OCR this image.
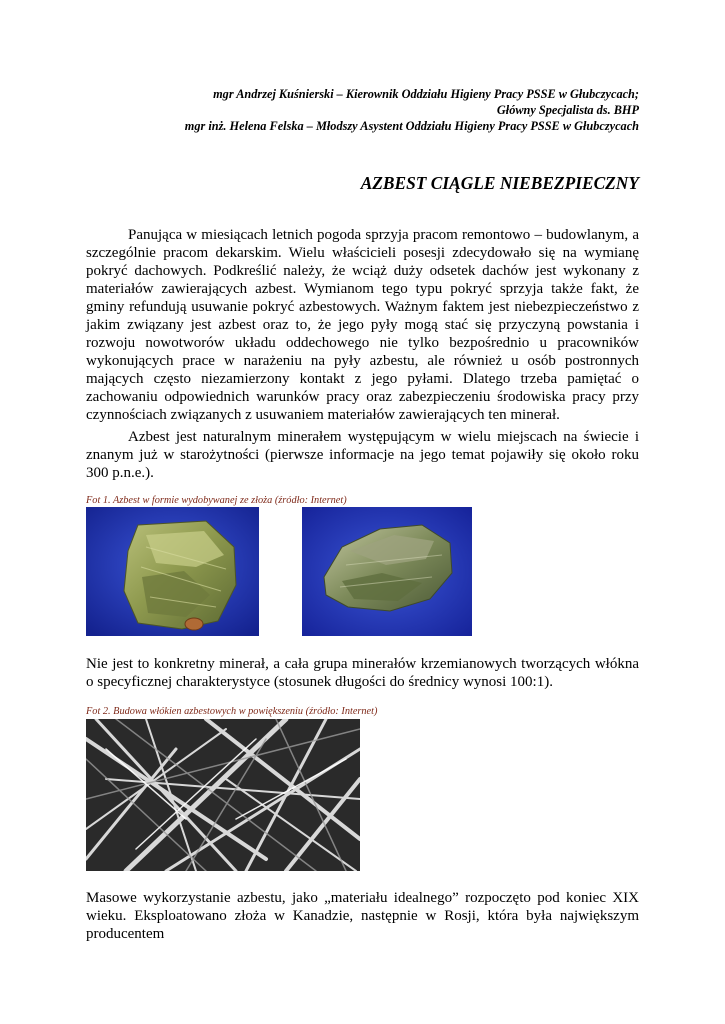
mgr Andrzej Kuśnierski – Kierownik Oddziału Higieny Pracy PSSE w Głubczycach;
Główny Specjalista ds. BHP
mgr inż. Helena Felska – Młodszy Asystent Oddziału Higieny Pracy PSSE w Głubczycach
AZBEST CIĄGLE NIEBEZPIECZNY

Panująca w miesiącach letnich pogoda sprzyja pracom remontowo – budowlanym, a szczególnie pracom dekarskim. Wielu właścicieli posesji zdecydowało się na wymianę pokryć dachowych. Podkreślić należy, że wciąż duży odsetek dachów jest wykonany z materiałów zawierających azbest. Wymianom tego typu pokryć sprzyja także fakt, że gminy refundują usuwanie pokryć azbestowych. Ważnym faktem jest niebezpieczeństwo z jakim związany jest azbest oraz to, że jego pyły mogą stać się przyczyną powstania i rozwoju nowotworów układu oddechowego nie tylko bezpośrednio u pracowników wykonujących prace w narażeniu na pyły azbestu, ale również u osób postronnych mających często niezamierzony kontakt z jego pyłami. Dlatego trzeba pamiętać o zachowaniu odpowiednich warunków pracy oraz zabezpieczeniu środowiska pracy przy czynnościach związanych z usuwaniem materiałów zawierających ten minerał.

Azbest jest naturalnym minerałem występującym w wielu miejscach na świecie i znanym już w starożytności (pierwsze informacje na jego temat pojawiły się około roku 300 p.n.e.).

Fot 1. Azbest w formie wydobywanej ze złoża (źródło: Internet)

Nie jest to konkretny minerał, a cała grupa minerałów krzemianowych tworzących włókna o specyficznej charakterystyce (stosunek długości do średnicy wynosi 100:1).

Fot 2. Budowa włókien azbestowych w powiększeniu (źródło: Internet)

Masowe wykorzystanie azbestu, jako „materiału idealnego” rozpoczęto pod koniec XIX wieku. Eksploatowano złoża w Kanadzie, następnie w Rosji, która była największym producentem
